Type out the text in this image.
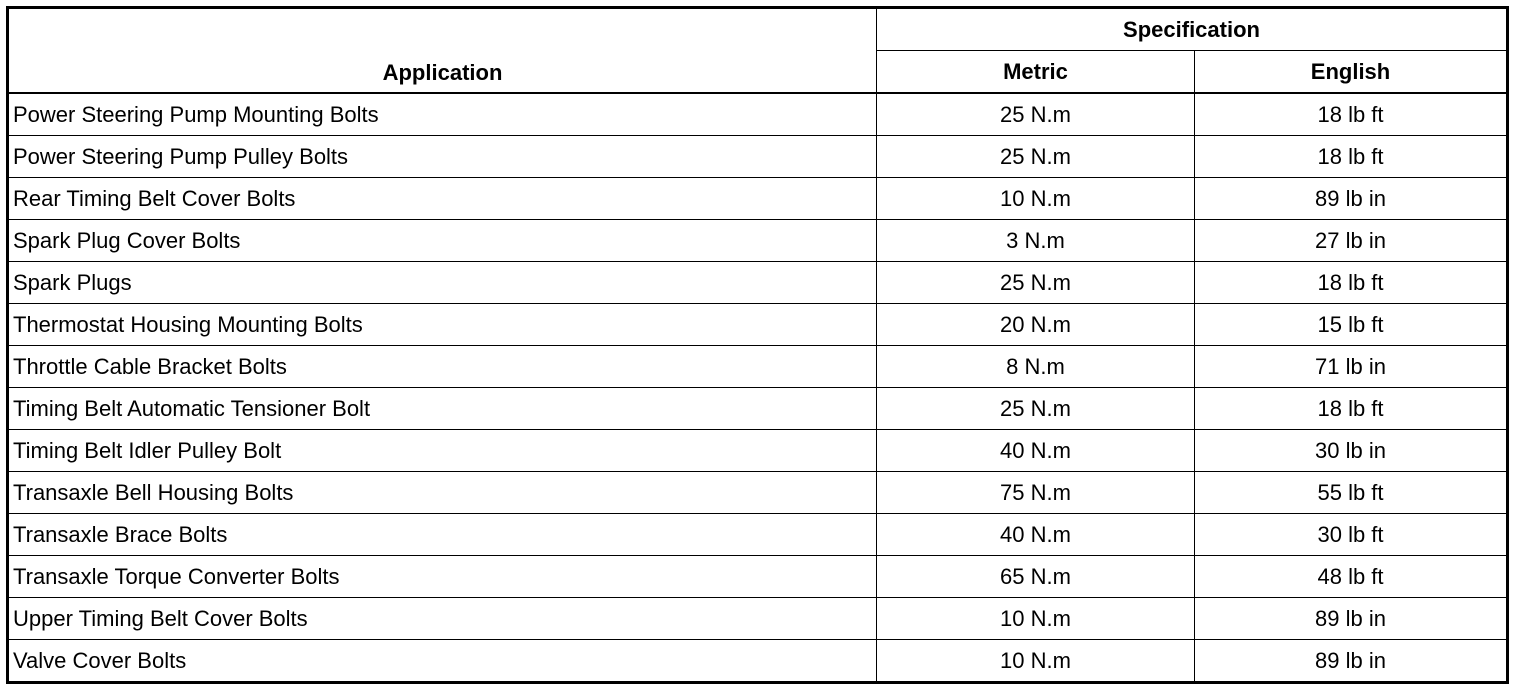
Application	Specification	
	Metric	English
Power Steering Pump Mounting Bolts	25 N.m	18 lb ft
Power Steering Pump Pulley Bolts	25 N.m	18 lb ft
Rear Timing Belt Cover Bolts	10 N.m	89 lb in
Spark Plug Cover Bolts	3 N.m	27 lb in
Spark Plugs	25 N.m	18 lb ft
Thermostat Housing Mounting Bolts	20 N.m	15 lb ft
Throttle Cable Bracket Bolts	8 N.m	71 lb in
Timing Belt Automatic Tensioner Bolt	25 N.m	18 lb ft
Timing Belt Idler Pulley Bolt	40 N.m	30 lb in
Transaxle Bell Housing Bolts	75 N.m	55 lb ft
Transaxle Brace Bolts	40 N.m	30 lb ft
Transaxle Torque Converter Bolts	65 N.m	48 lb ft
Upper Timing Belt Cover Bolts	10 N.m	89 lb in
Valve Cover Bolts	10 N.m	89 lb in
